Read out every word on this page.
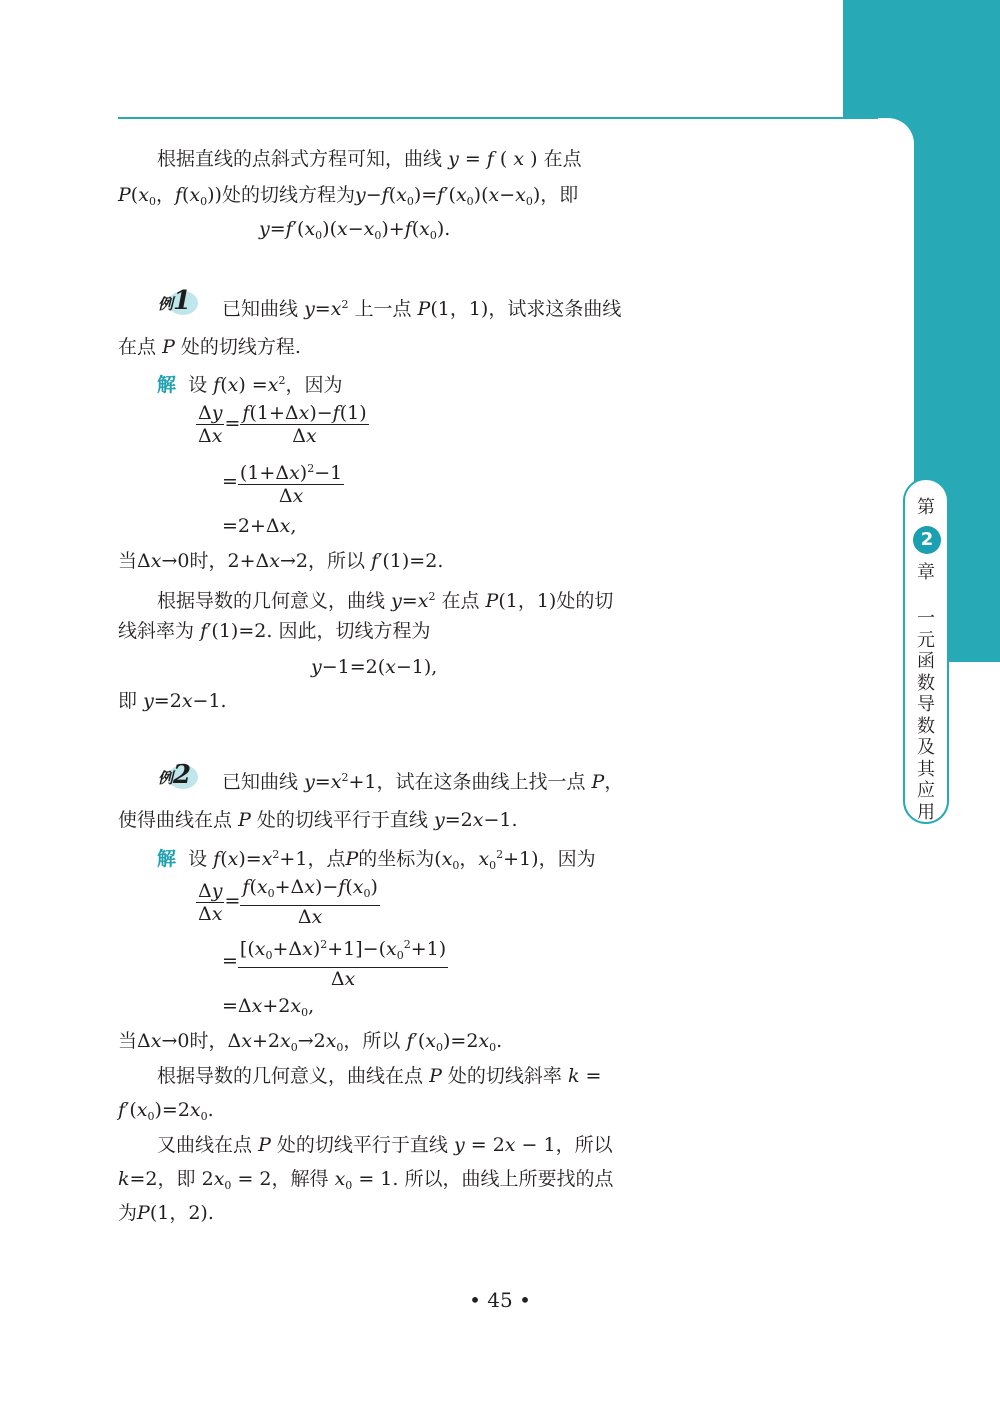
根据直线的点斜式方程可知，曲线 y = f ( x ) 在点
$P(x_0$，$f(x_0)$)处的切线方程为$y-f(x_0)=f'(x_0)(x-x_0)$，即
$y=f'(x_0)(x-x_0)+f(x_0)$.
例1 已知曲线 $y=x^2$ 上一点 P(1，1)，试求这条曲线
在点 P 处的切线方程.
解 设 $f(x) =x^2$，因为
$\frac{\Delta y}{\Delta x} = \frac{f(1+\Delta x)-f(1)}{\Delta x}$
= $\frac{(1+\Delta x)^2-1}{\Delta x}$
=2+Δx,
当Δx→0时，2+Δx→2，所以 f′(1)=2.
根据导数的几何意义，曲线 $y=x^2$ 在点 P(1，1)处的切
线斜率为 f′(1)=2. 因此，切线方程为
y−1=2(x−1),
即 y=2x−1.
例2 已知曲线 $y=x^2+1$，试在这条曲线上找一点 P，
使得曲线在点 P 处的切线平行于直线 y=2x−1.
解 设 $f(x)=x^2+1$，点P的坐标为($x_0$，$x_0^2+1$)，因为
$\frac{\Delta y}{\Delta x} = \frac{f(x_0+\Delta x)-f(x_0)}{\Delta x}$
= $\frac{[(x_0+\Delta x)^2+1]-(x_0^2+1)}{\Delta x}$
$=\Delta x+2x_0$,
当Δx→0时，$\Delta x+2x_0\to 2x_0$，所以 $f'(x_0)=2x_0$.
根据导数的几何意义，曲线在点 P 处的切线斜率 k =
$f'(x_0)=2x_0$.
又曲线在点 P 处的切线平行于直线 y = 2x − 1，所以
k=2，即 $2x_0 = 2$，解得 $x_0 = 1$. 所以，曲线上所要找的点
为P(1，2).
第
2
章
一
元
函
数
导
数
及
其
应
用
• 45 •
